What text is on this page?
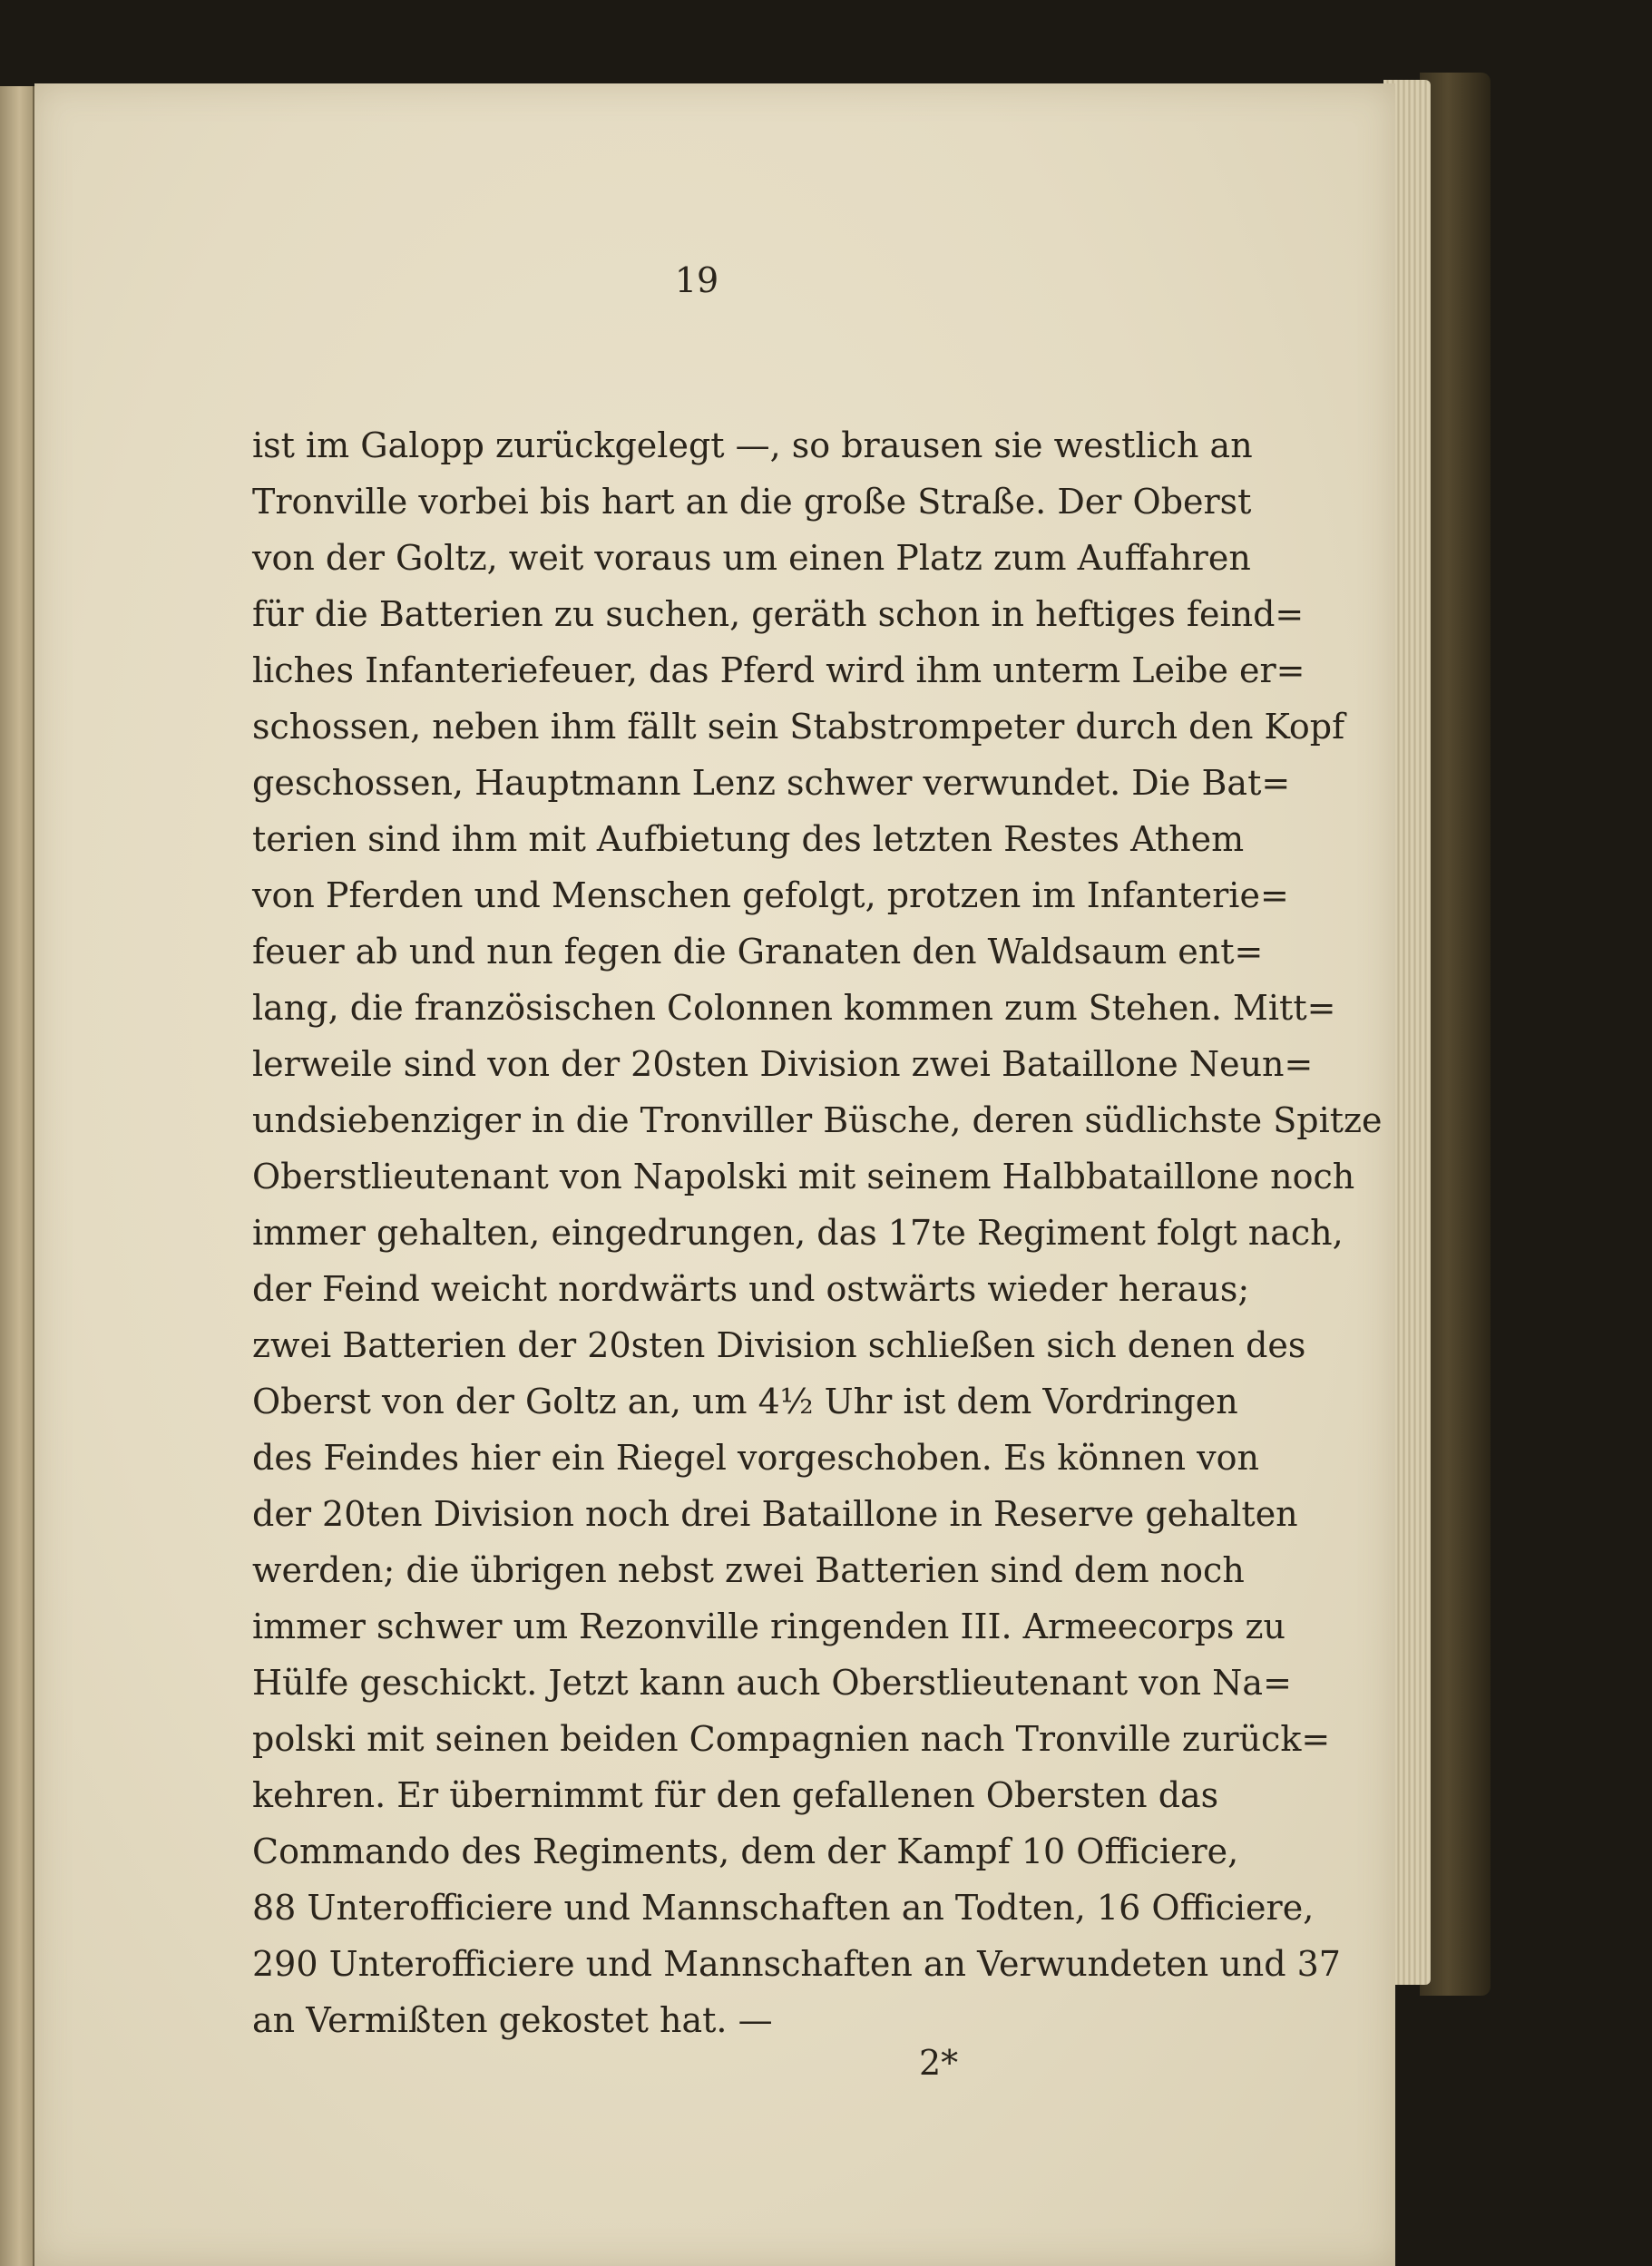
19
ist im Galopp zurückgelegt —, so brausen sie westlich an
Tronville vorbei bis hart an die große Straße. Der Oberst
von der Goltz, weit voraus um einen Platz zum Auffahren
für die Batterien zu suchen, geräth schon in heftiges feind=
liches Infanteriefeuer, das Pferd wird ihm unterm Leibe er=
schossen, neben ihm fällt sein Stabstrompeter durch den Kopf
geschossen, Hauptmann Lenz schwer verwundet. Die Bat=
terien sind ihm mit Aufbietung des letzten Restes Athem
von Pferden und Menschen gefolgt, protzen im Infanterie=
feuer ab und nun fegen die Granaten den Waldsaum ent=
lang, die französischen Colonnen kommen zum Stehen. Mitt=
lerweile sind von der 20sten Division zwei Bataillone Neun=
undsiebenziger in die Tronviller Büsche, deren südlichste Spitze
Oberstlieutenant von Napolski mit seinem Halbbataillone noch
immer gehalten, eingedrungen, das 17te Regiment folgt nach,
der Feind weicht nordwärts und ostwärts wieder heraus;
zwei Batterien der 20sten Division schließen sich denen des
Oberst von der Goltz an, um 4½ Uhr ist dem Vordringen
des Feindes hier ein Riegel vorgeschoben. Es können von
der 20ten Division noch drei Bataillone in Reserve gehalten
werden; die übrigen nebst zwei Batterien sind dem noch
immer schwer um Rezonville ringenden III. Armeecorps zu
Hülfe geschickt. Jetzt kann auch Oberstlieutenant von Na=
polski mit seinen beiden Compagnien nach Tronville zurück=
kehren. Er übernimmt für den gefallenen Obersten das
Commando des Regiments, dem der Kampf 10 Officiere,
88 Unterofficiere und Mannschaften an Todten, 16 Officiere,
290 Unterofficiere und Mannschaften an Verwundeten und 37
an Vermißten gekostet hat. —
2*
